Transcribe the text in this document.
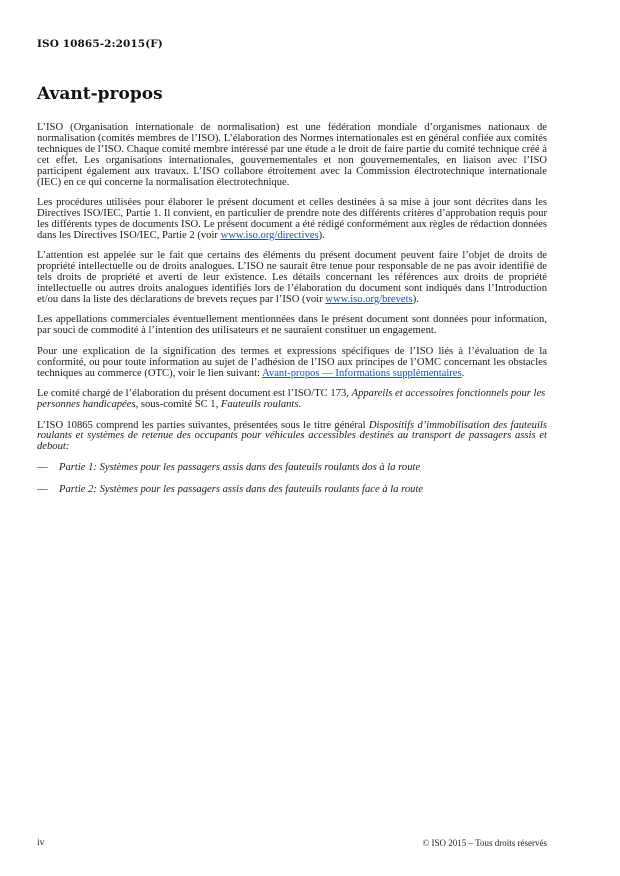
ISO 10865-2:2015(F)
Avant-propos

L’ISO (Organisation internationale de normalisation) est une fédération mondiale d’organismes nationaux de normalisation (comités membres de l’ISO). L’élaboration des Normes internationales est en général confiée aux comités techniques de l’ISO. Chaque comité membre intéressé par une étude a le droit de faire partie du comité technique créé à cet effet. Les organisations internationales, gouvernementales et non gouvernementales, en liaison avec l’ISO participent également aux travaux. L’ISO collabore étroitement avec la Commission électrotechnique internationale (IEC) en ce qui concerne la normalisation électrotechnique.

Les procédures utilisées pour élaborer le présent document et celles destinées à sa mise à jour sont décrites dans les Directives ISO/IEC, Partie 1. Il convient, en particulier de prendre note des différents critères d’approbation requis pour les différents types de documents ISO. Le présent document a été rédigé conformément aux règles de rédaction données dans les Directives ISO/IEC, Partie 2 (voir www.iso.org/directives).

L’attention est appelée sur le fait que certains des éléments du présent document peuvent faire l’objet de droits de propriété intellectuelle ou de droits analogues. L’ISO ne saurait être tenue pour responsable de ne pas avoir identifié de tels droits de propriété et averti de leur existence. Les détails concernant les références aux droits de propriété intellectuelle ou autres droits analogues identifiés lors de l’élaboration du document sont indiqués dans l’Introduction et/ou dans la liste des déclarations de brevets reçues par l’ISO (voir www.iso.org/brevets).

Les appellations commerciales éventuellement mentionnées dans le présent document sont données pour information, par souci de commodité à l’intention des utilisateurs et ne sauraient constituer un engagement.

Pour une explication de la signification des termes et expressions spécifiques de l’ISO liés à l’évaluation de la conformité, ou pour toute information au sujet de l’adhésion de l’ISO aux principes de l’OMC concernant les obstacles techniques au commerce (OTC), voir le lien suivant: Avant-propos — Informations supplémentaires.

Le comité chargé de l’élaboration du présent document est l’ISO/TC 173, Appareils et accessoires fonctionnels pour les personnes handicapées, sous-comité SC 1, Fauteuils roulants.

L’ISO 10865 comprend les parties suivantes, présentées sous le titre général Dispositifs d’immobilisation des fauteuils roulants et systèmes de retenue des occupants pour véhicules accessibles destinés au transport de passagers assis et debout:

—	Partie 1: Systèmes pour les passagers assis dans des fauteuils roulants dos à la route
—	Partie 2: Systèmes pour les passagers assis dans des fauteuils roulants face à la route
iv	© ISO 2015 – Tous droits réservés
